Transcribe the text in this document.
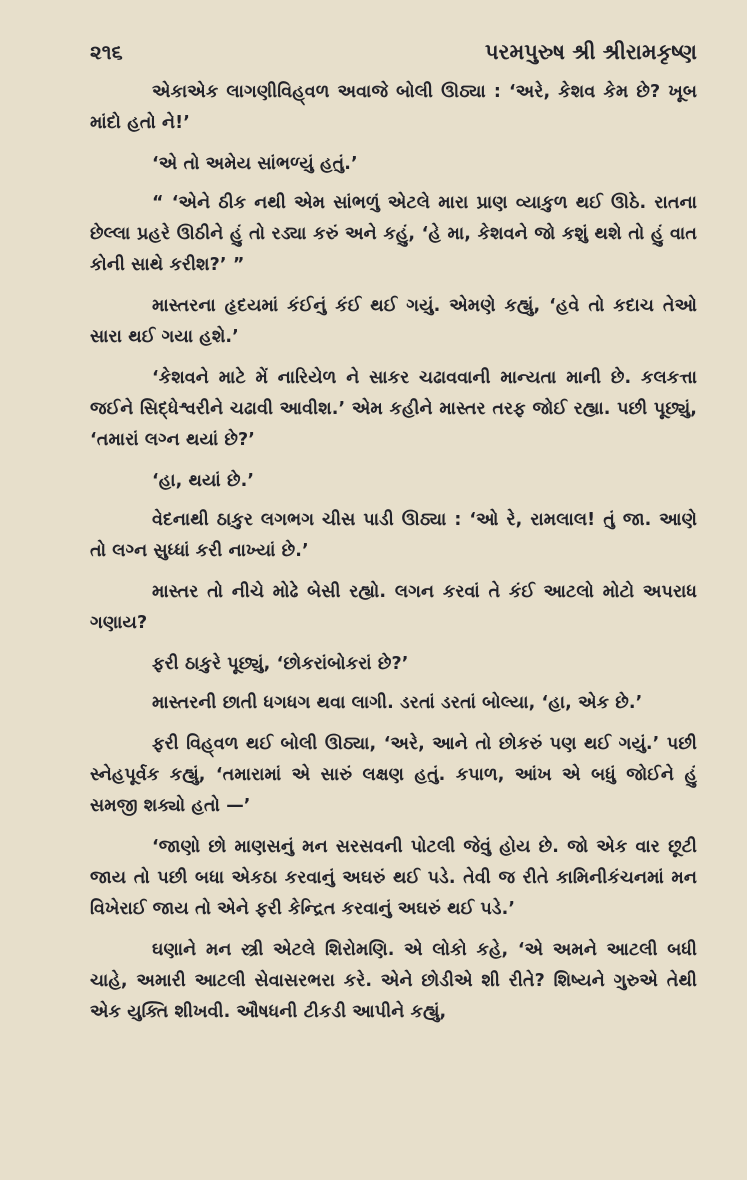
૨૧૬	પરમપુરુષ શ્રી શ્રીરામકૃષ્ણ

એકાએક લાગણીવિહ્‌વળ અવાજે બોલી ઊઠ્યા : ‘અરે, કેશવ કેમ છે? ખૂબ માંદો હતો ને!’

‘એ તો અમેય સાંભળ્યું હતું.’

“ ‘એને ઠીક નથી એમ સાંભળું એટલે મારા પ્રાણ વ્યાકુળ થઈ ઊઠે. રાતના છેલ્લા પ્રહરે ઊઠીને હું તો રડ્યા કરું અને કહું, ‘હે મા, કેશવને જો કશું થશે તો હું વાત કોની સાથે કરીશ?’ ”

માસ્તરના હૃદયમાં કંઈનું કંઈ થઈ ગયું. એમણે કહ્યું, ‘હવે તો કદાચ તેઓ સારા થઈ ગયા હશે.’

‘કેશવને માટે મેં નારિયેળ ને સાકર ચઢાવવાની માન્યતા માની છે. કલકત્તા જઈને સિદ્ધેશ્વરીને ચઢાવી આવીશ.’ એમ કહીને માસ્તર તરફ જોઈ રહ્યા. પછી પૂછ્યું, ‘તમારાં લગ્ન થયાં છે?’

‘હા, થયાં છે.’

વેદનાથી ઠાકુર લગભગ ચીસ પાડી ઊઠ્યા : ‘ઓ રે, રામલાલ! તું જા. આણે તો લગ્ન સુધ્ધાં કરી નાખ્યાં છે.’

માસ્તર તો નીચે મોઢે બેસી રહ્યો. લગન કરવાં તે કંઈ આટલો મોટો અપરાધ ગણાય?

ફરી ઠાકુરે પૂછ્યું, ‘છોકરાંબોકરાં છે?’

માસ્તરની છાતી ધગધગ થવા લાગી. ડરતાં ડરતાં બોલ્યા, ‘હા, એક છે.’

ફરી વિહ્‌વળ થઈ બોલી ઊઠ્યા, ‘અરે, આને તો છોકરું પણ થઈ ગયું.’ પછી સ્નેહપૂર્વક કહ્યું, ‘તમારામાં એ સારું લક્ષણ હતું. કપાળ, આંખ એ બધું જોઈને હું સમજી શક્યો હતો —’

‘જાણો છો માણસનું મન સરસવની પોટલી જેવું હોય છે. જો એક વાર છૂટી જાય તો પછી બધા એકઠા કરવાનું અઘરું થઈ પડે. તેવી જ રીતે કામિનીકંચનમાં મન વિખેરાઈ જાય તો એને ફરી કેન્દ્રિત કરવાનું અઘરું થઈ પડે.’

ઘણાને મન સ્ત્રી એટલે શિરોમણિ. એ લોકો કહે, ‘એ અમને આટલી બધી ચાહે, અમારી આટલી સેવાસરભરા કરે. એને છોડીએ શી રીતે? શિષ્યને ગુરુએ તેથી એક યુક્તિ શીખવી. ઔષધની ટીકડી આપીને કહ્યું,
